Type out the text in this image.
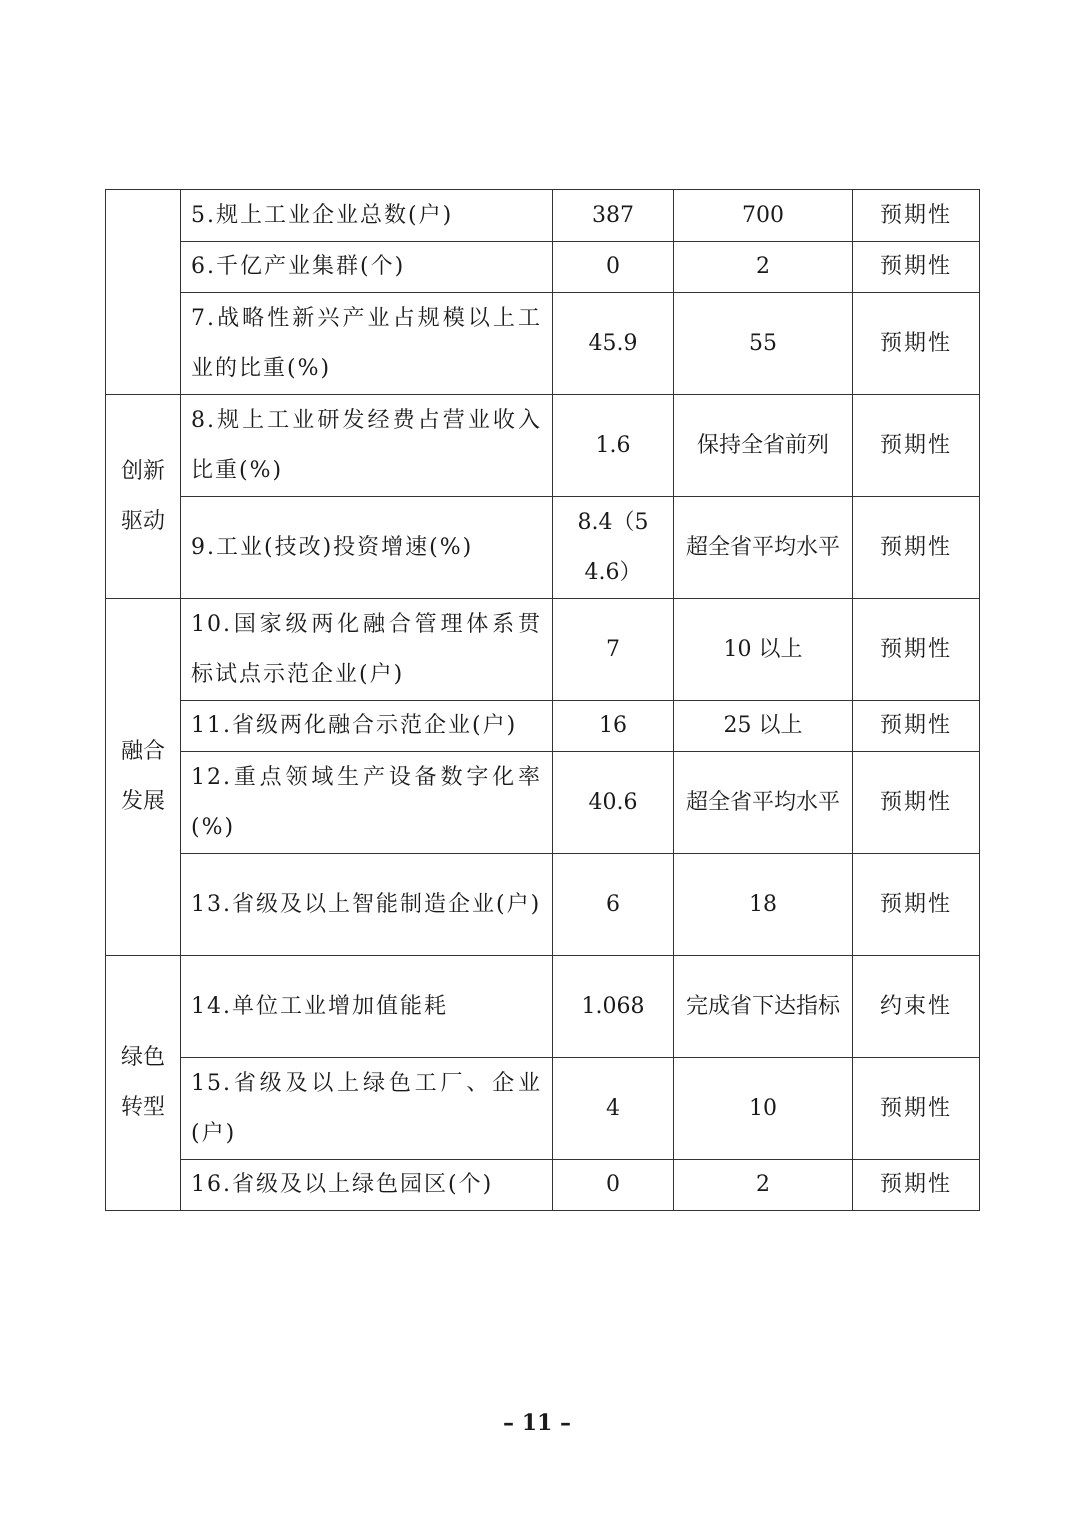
	5.规上工业企业总数(户)	387	700	预期性
	6.千亿产业集群(个)	0	2	预期性
	7.战略性新兴产业占规模以上工业的比重(%)	45.9	55	预期性

创新驱动	8.规上工业研发经费占营业收入比重(%)	1.6	保持全省前列	预期性
	9.工业(技改)投资增速(%)	8.4（54.6）	超全省平均水平	预期性

融合发展	10.国家级两化融合管理体系贯标试点示范企业(户)	7	10 以上	预期性
	11.省级两化融合示范企业(户)	16	25 以上	预期性
	12.重点领域生产设备数字化率(%)	40.6	超全省平均水平	预期性
	13.省级及以上智能制造企业(户)	6	18	预期性

绿色转型	14.单位工业增加值能耗	1.068	完成省下达指标	约束性
	15.省级及以上绿色工厂、企业(户)	4	10	预期性
	16.省级及以上绿色园区(个)	0	2	预期性
– 11 –
